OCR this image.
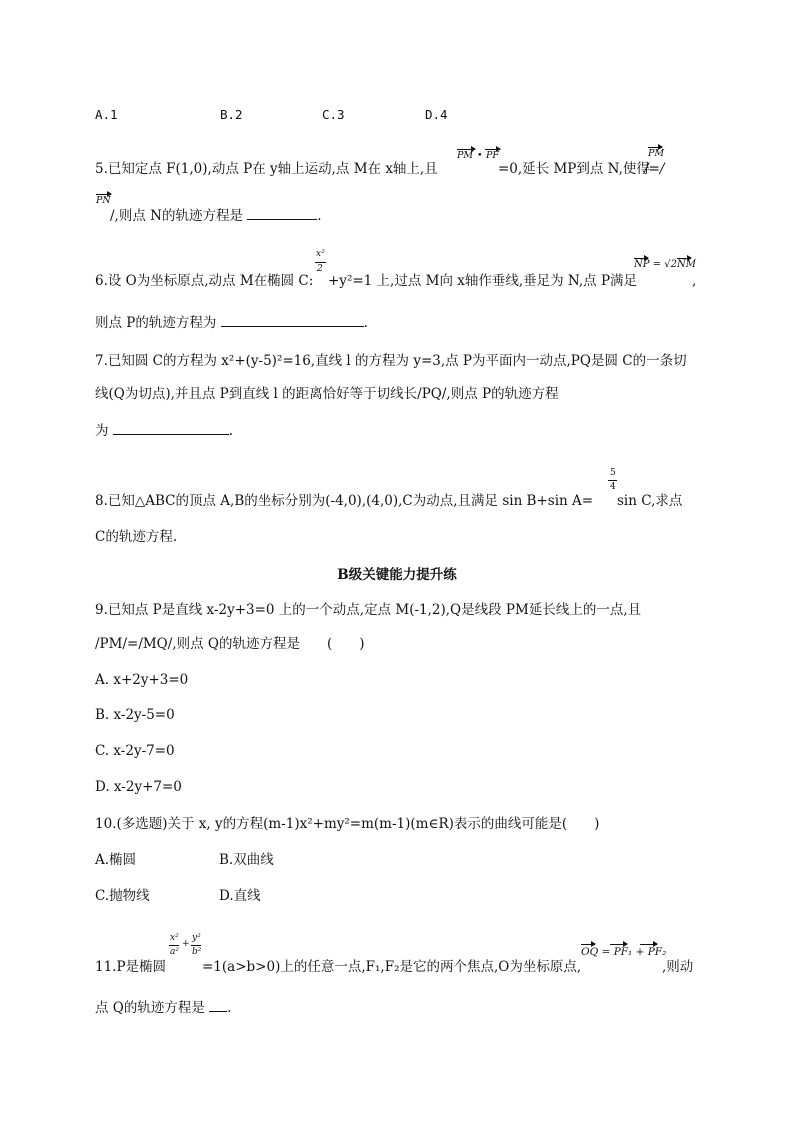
A.1	B.2	C.3	D.4
5.已知定点 F(1,0),动点 P在 y轴上运动,点 M在 x轴上,且
PM • PF
=0,延长 MP到点 N,使得
PM
/=/
PN
/,则点 N的轨迹方程是	.
6.设 O为坐标原点,动点 M在椭圆 C:
x²
2
+y²=1 上,过点 M向 x轴作垂线,垂足为 N,点 P满足
NP = √2NM
,
则点 P的轨迹方程为	.
7.已知圆 C的方程为 x²+(y-5)²=16,直线 l 的方程为 y=3,点 P为平面内一动点,PQ是圆 C的一条切
线(Q为切点),并且点 P到直线 l 的距离恰好等于切线长/PQ/,则点 P的轨迹方程
为	.
8.已知△ABC的顶点 A,B的坐标分别为(-4,0),(4,0),C为动点,且满足 sin B+sin A=
5
4
sin C,求点
C的轨迹方程.
B级关键能力提升练
9.已知点 P是直线 x-2y+3=0 上的一个动点,定点 M(-1,2),Q是线段 PM延长线上的一点,且
/PM/=/MQ/,则点 Q的轨迹方程是　　(　　)
A. x+2y+3=0
B. x-2y-5=0
C. x-2y-7=0
D. x-2y+7=0
10.(多选题)关于 x, y的方程(m-1)x²+my²=m(m-1)(m∈R)表示的曲线可能是(　　)
A.椭圆	B.双曲线
C.抛物线	D.直线
11.P是椭圆
x²
a²
+
y²
b²
=1(a>b>0)上的任意一点,F₁,F₂是它的两个焦点,O为坐标原点,
OQ = PF₁ + PF₂
,则动
点 Q的轨迹方程是 .
